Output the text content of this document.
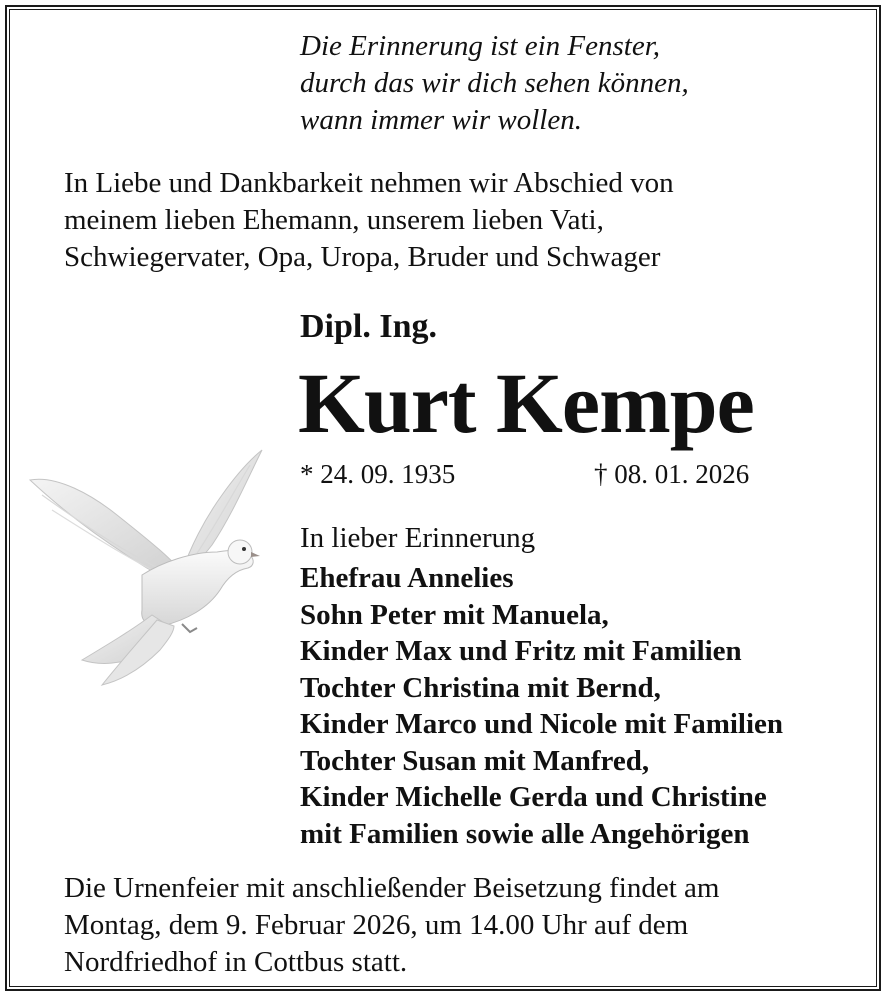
Die Erinnerung ist ein Fenster,
durch das wir dich sehen können,
wann immer wir wollen.
In Liebe und Dankbarkeit nehmen wir Abschied von
meinem lieben Ehemann, unserem lieben Vati,
Schwiegervater, Opa, Uropa, Bruder und Schwager
Dipl. Ing.
Kurt Kempe
* 24. 09. 1935	† 08. 01. 2026
In lieber Erinnerung
Ehefrau Annelies
Sohn Peter mit Manuela,
Kinder Max und Fritz mit Familien
Tochter Christina mit Bernd,
Kinder Marco und Nicole mit Familien
Tochter Susan mit Manfred,
Kinder Michelle Gerda und Christine
mit Familien sowie alle Angehörigen
Die Urnenfeier mit anschließender Beisetzung findet am
Montag, dem 9. Februar 2026, um 14.00 Uhr auf dem
Nordfriedhof in Cottbus statt.
